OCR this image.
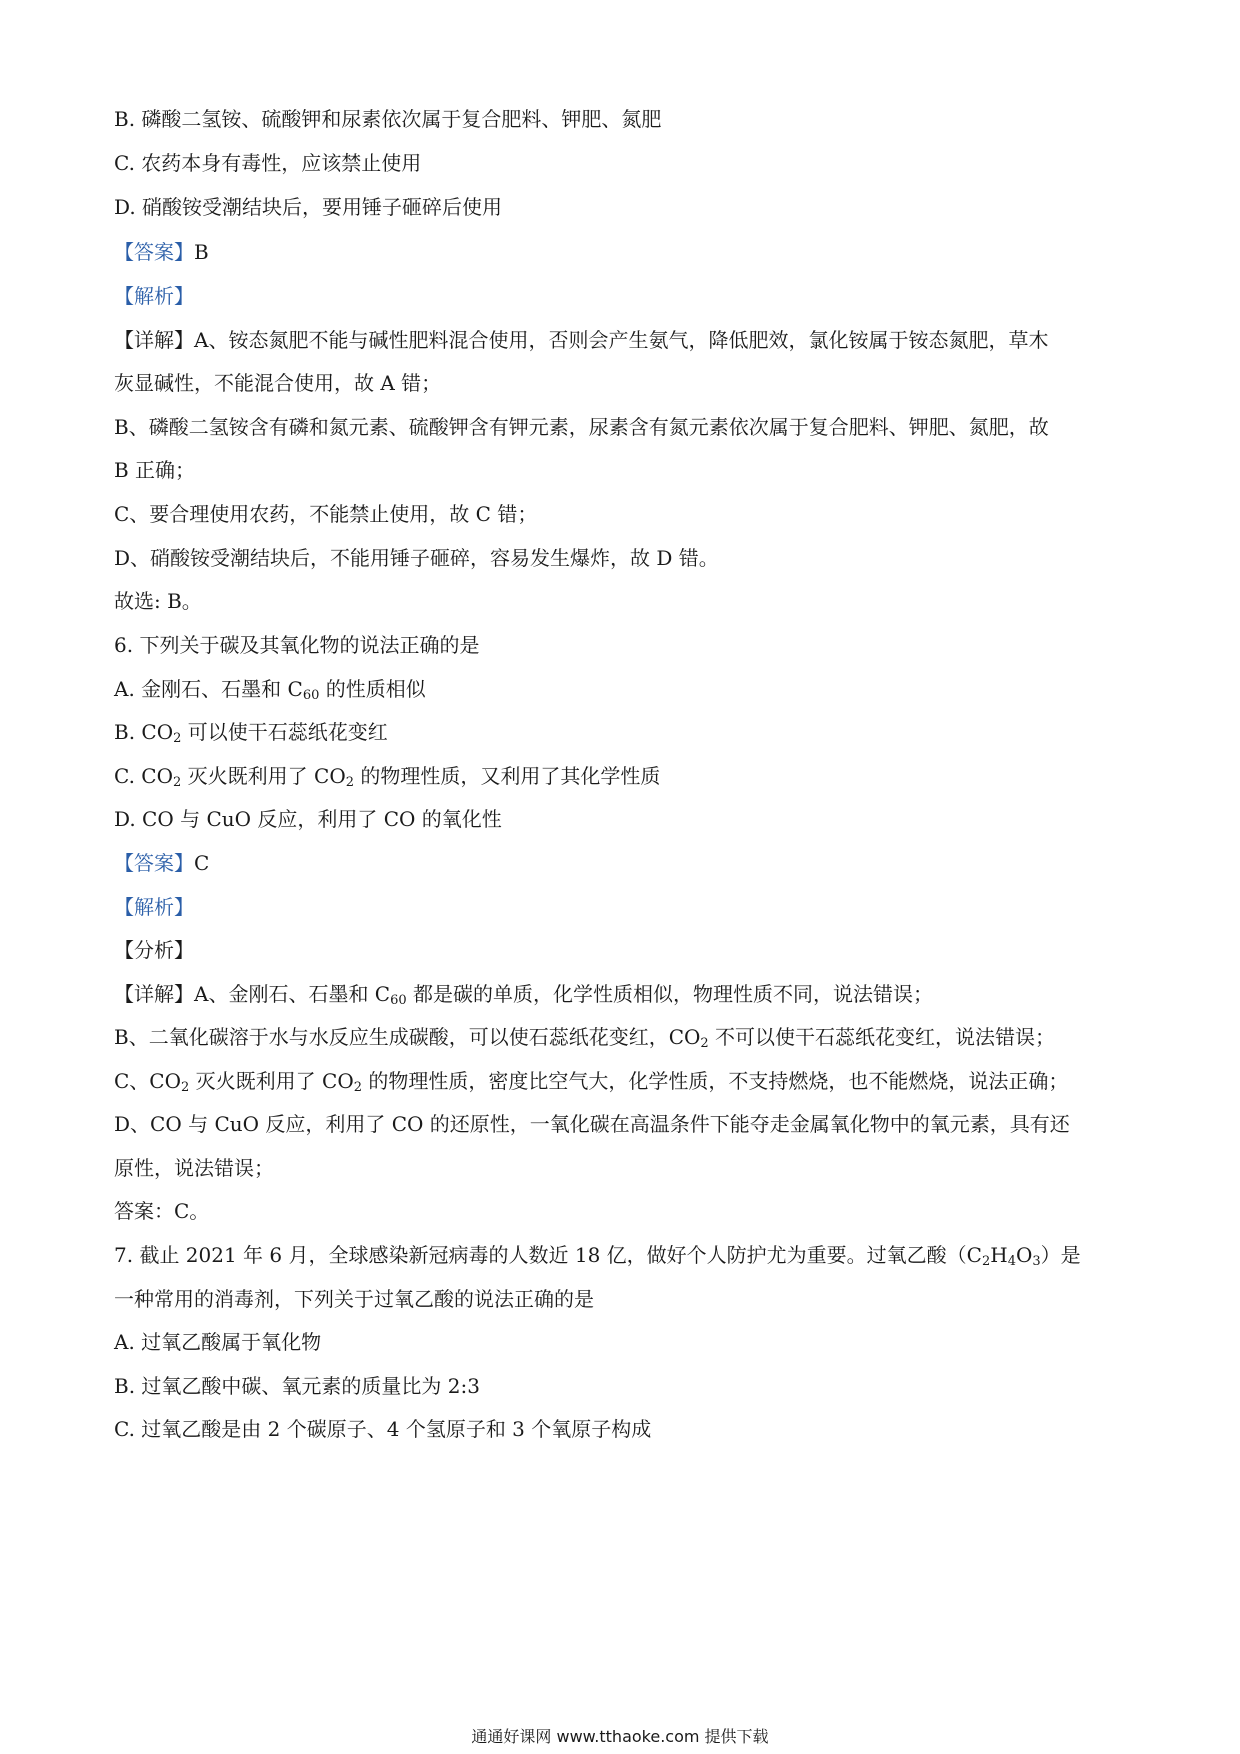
B. 磷酸二氢铵、硫酸钾和尿素依次属于复合肥料、钾肥、氮肥
C. 农药本身有毒性，应该禁止使用
D. 硝酸铵受潮结块后，要用锤子砸碎后使用
【答案】B
【解析】
【详解】A、铵态氮肥不能与碱性肥料混合使用，否则会产生氨气，降低肥效，氯化铵属于铵态氮肥，草木
灰显碱性，不能混合使用，故 A 错；
B、磷酸二氢铵含有磷和氮元素、硫酸钾含有钾元素，尿素含有氮元素依次属于复合肥料、钾肥、氮肥，故
B 正确；
C、要合理使用农药，不能禁止使用，故 C 错；
D、硝酸铵受潮结块后，不能用锤子砸碎，容易发生爆炸，故 D 错。
故选: B。
6. 下列关于碳及其氧化物的说法正确的是
A. 金刚石、石墨和 $C_{60}$ 的性质相似
B. $CO_2$ 可以使干石蕊纸花变红
C. $CO_2$ 灭火既利用了 $CO_2$ 的物理性质，又利用了其化学性质
D. CO 与 CuO 反应，利用了 CO 的氧化性
【答案】C
【解析】
【分析】
【详解】A、金刚石、石墨和 $C_{60}$ 都是碳的单质，化学性质相似，物理性质不同，说法错误；
B、二氧化碳溶于水与水反应生成碳酸，可以使石蕊纸花变红，$CO_2$ 不可以使干石蕊纸花变红，说法错误；
C、$CO_2$ 灭火既利用了 $CO_2$ 的物理性质，密度比空气大，化学性质，不支持燃烧，也不能燃烧，说法正确；
D、CO 与 CuO 反应，利用了 CO 的还原性，一氧化碳在高温条件下能夺走金属氧化物中的氧元素，具有还
原性，说法错误；
答案：C。
7. 截止 2021 年 6 月，全球感染新冠病毒的人数近 18 亿，做好个人防护尤为重要。过氧乙酸$(C_2H_4O_3)$是
一种常用的消毒剂，下列关于过氧乙酸的说法正确的是
A. 过氧乙酸属于氧化物
B. 过氧乙酸中碳、氧元素的质量比为 2:3
C. 过氧乙酸是由 2 个碳原子、4 个氢原子和 3 个氧原子构成
通通好课网 www.tthaoke.com 提供下载
